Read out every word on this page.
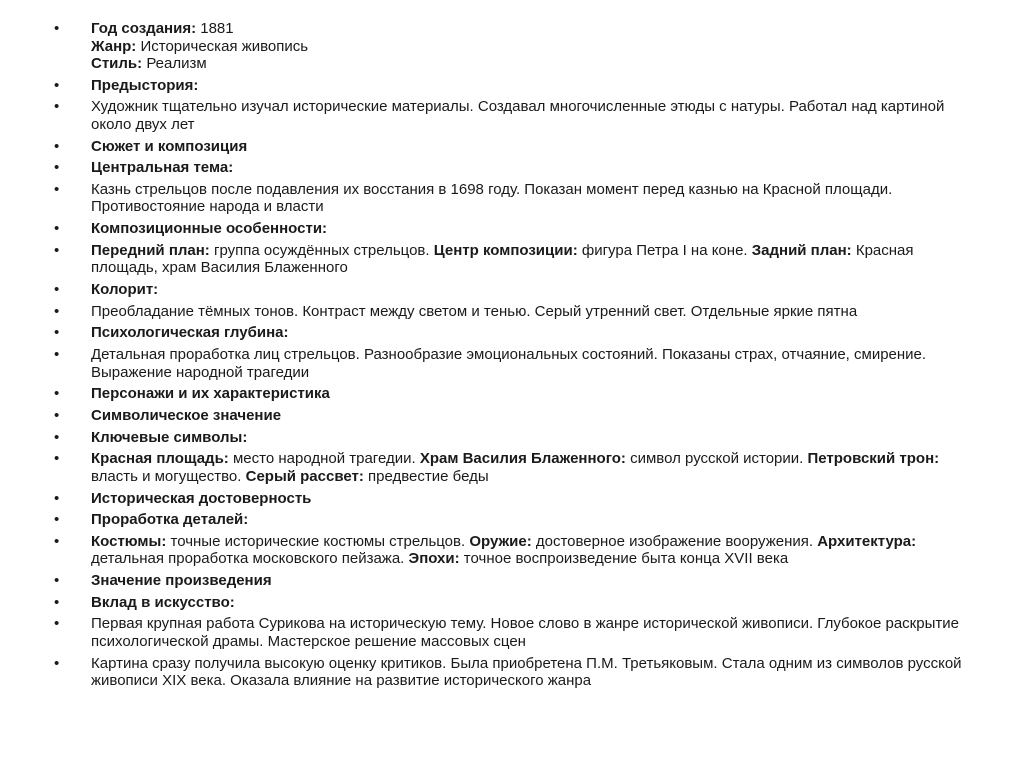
•	Год создания: 1881
Жанр: Историческая живопись
Стиль: Реализм
•	Предыстория:
•	Художник тщательно изучал исторические материалы. Создавал многочисленные этюды с натуры. Работал над картиной около двух лет
•	Сюжет и композиция
•	Центральная тема:
•	Казнь стрельцов после подавления их восстания в 1698 году. Показан момент перед казнью на Красной площади. Противостояние народа и власти
•	Композиционные особенности:
•	Передний план: группа осуждённых стрельцов. Центр композиции: фигура Петра I на коне. Задний план: Красная площадь, храм Василия Блаженного
•	Колорит:
•	Преобладание тёмных тонов. Контраст между светом и тенью. Серый утренний свет. Отдельные яркие пятна
•	Психологическая глубина:
•	Детальная проработка лиц стрельцов. Разнообразие эмоциональных состояний. Показаны страх, отчаяние, смирение. Выражение народной трагедии
•	Персонажи и их характеристика
•	Символическое значение
•	Ключевые символы:
•	Красная площадь: место народной трагедии. Храм Василия Блаженного: символ русской истории. Петровский трон: власть и могущество. Серый рассвет: предвестие беды
•	Историческая достоверность
•	Проработка деталей:
•	Костюмы: точные исторические костюмы стрельцов. Оружие: достоверное изображение вооружения. Архитектура: детальная проработка московского пейзажа. Эпохи: точное воспроизведение быта конца XVII века
•	Значение произведения
•	Вклад в искусство:
•	Первая крупная работа Сурикова на историческую тему. Новое слово в жанре исторической живописи. Глубокое раскрытие психологической драмы. Мастерское решение массовых сцен
•	Картина сразу получила высокую оценку критиков. Была приобретена П.М. Третьяковым. Стала одним из символов русской живописи XIX века. Оказала влияние на развитие исторического жанра
